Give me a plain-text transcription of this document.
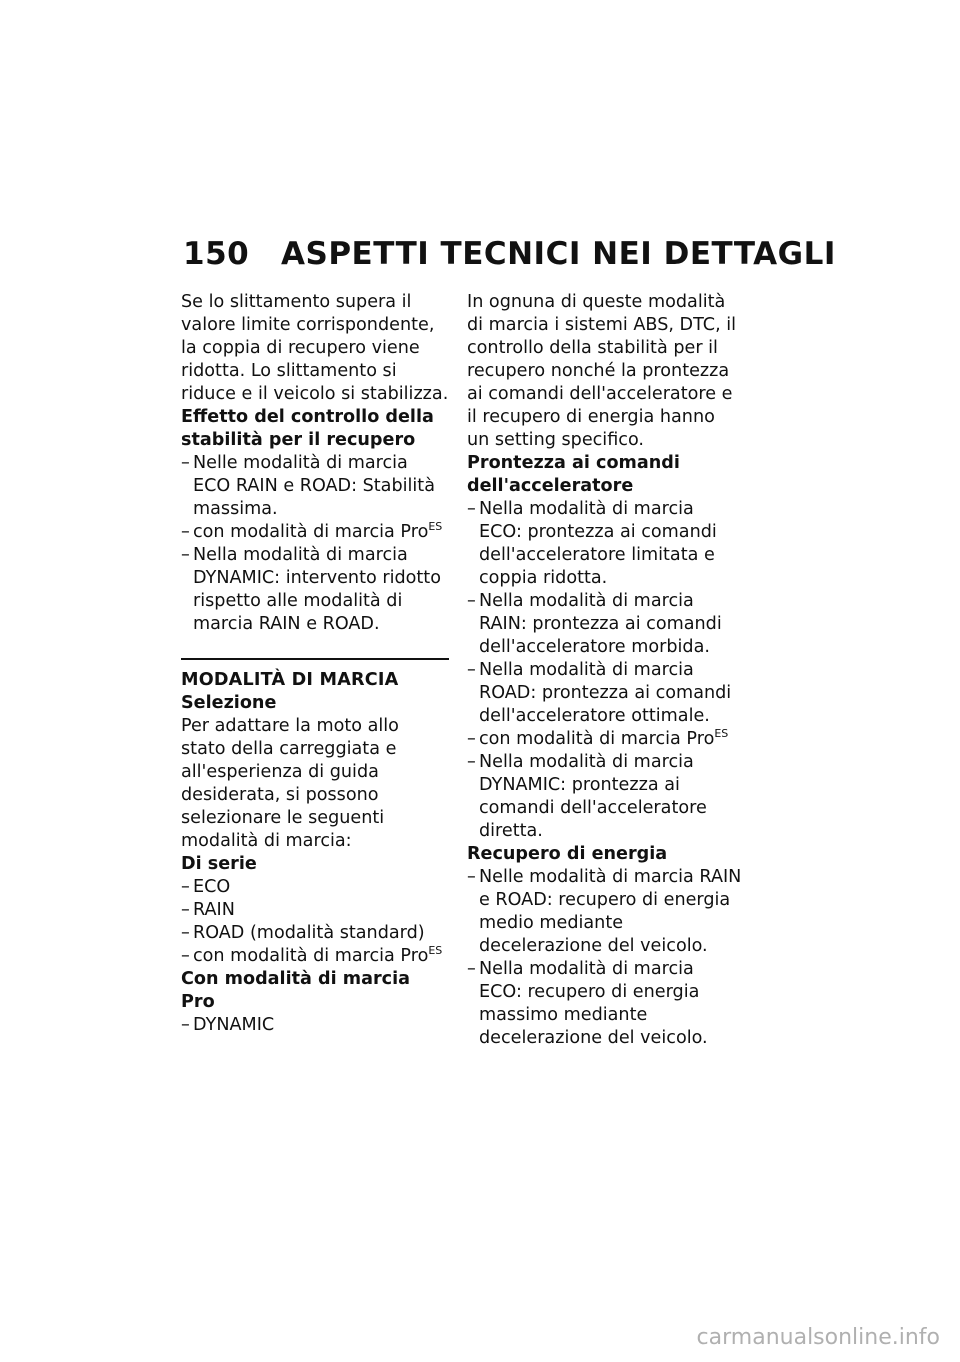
150 ASPETTI TECNICI NEI DETTAGLI

Se lo slittamento supera il valore limite corrispondente, la coppia di recupero viene ridotta. Lo slittamento si riduce e il veicolo si stabilizza.

Effetto del controllo della stabilità per il recupero

– Nelle modalità di marcia ECO RAIN e ROAD: Stabilità massima.

– con modalità di marcia Pro$^{ES}$

– Nella modalità di marcia DYNAMIC: intervento ridotto rispetto alle modalità di marcia RAIN e ROAD.

MODALITÀ DI MARCIA

Selezione

Per adattare la moto allo stato della carreggiata e all'esperienza di guida desiderata, si possono selezionare le seguenti modalità di marcia:

Di serie

– ECO

– RAIN

– ROAD (modalità standard)

– con modalità di marcia Pro$^{ES}$

Con modalità di marcia Pro

– DYNAMIC

In ognuna di queste modalità di marcia i sistemi ABS, DTC, il controllo della stabilità per il recupero nonché la prontezza ai comandi dell'acceleratore e il recupero di energia hanno un setting specifico.

Prontezza ai comandi dell'acceleratore

– Nella modalità di marcia ECO: prontezza ai comandi dell'acceleratore limitata e coppia ridotta.

– Nella modalità di marcia RAIN: prontezza ai comandi dell'acceleratore morbida.

– Nella modalità di marcia ROAD: prontezza ai comandi dell'acceleratore ottimale.

– con modalità di marcia Pro$^{ES}$

– Nella modalità di marcia DYNAMIC: prontezza ai comandi dell'acceleratore diretta.

Recupero di energia

– Nelle modalità di marcia RAIN e ROAD: recupero di energia medio mediante decelerazione del veicolo.

– Nella modalità di marcia ECO: recupero di energia massimo mediante decelerazione del veicolo.

carmanualsonline.info
